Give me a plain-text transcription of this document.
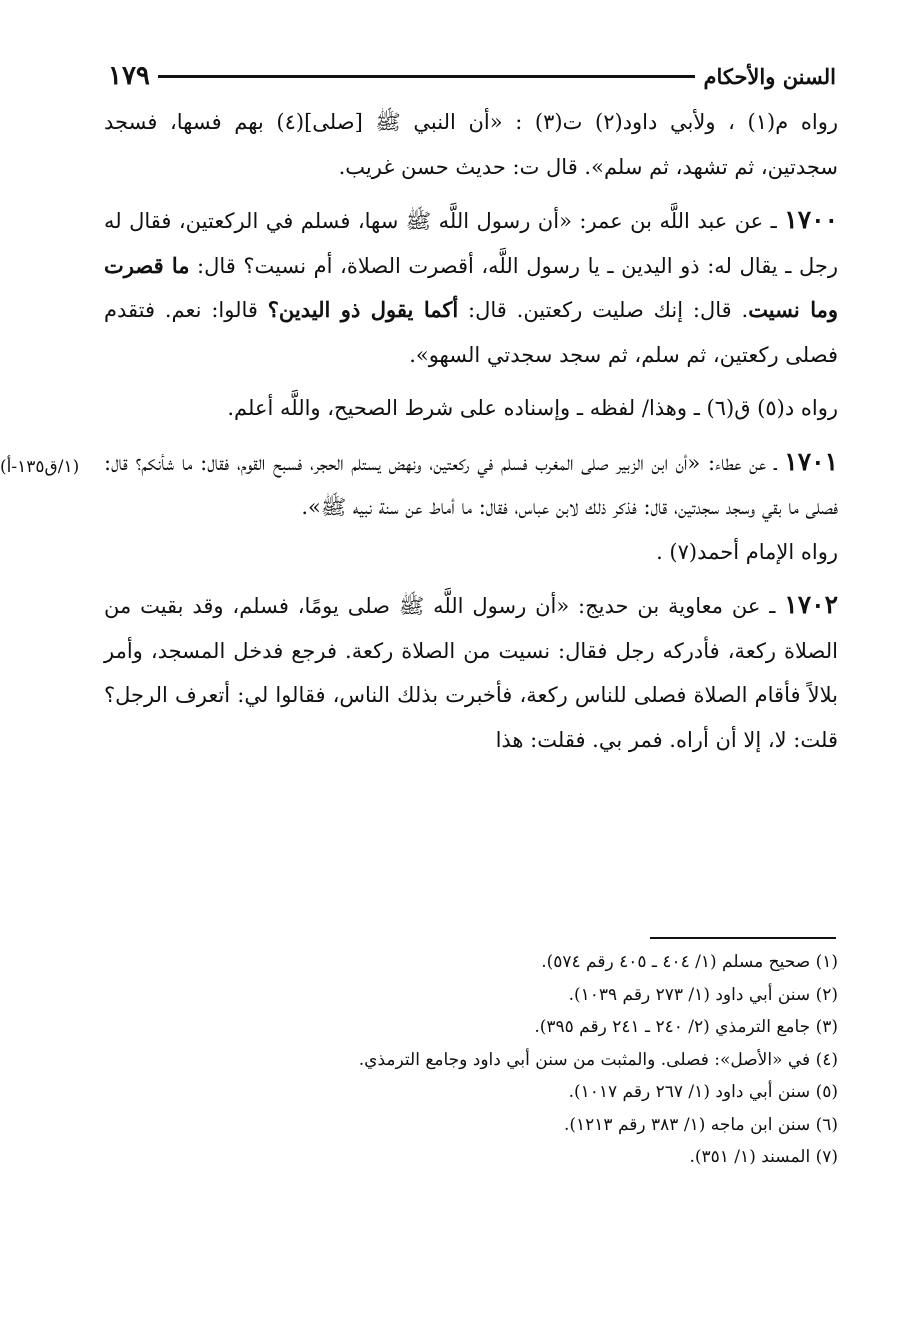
السنن والأحكام
١٧٩

رواه م(١) ، ولأبي داود(٢) ت(٣) : «أن النبي ﷺ [صلى](٤) بهم فسها، فسجد سجدتين، ثم تشهد، ثم سلم». قال ت: حديث حسن غريب.

١٧٠٠ ـ عن عبد اللَّه بن عمر: «أن رسول اللَّه ﷺ سها، فسلم في الركعتين، فقال له رجل ـ يقال له: ذو اليدين ـ يا رسول اللَّه، أقصرت الصلاة، أم نسيت؟ قال: ما قصرت وما نسيت. قال: إنك صليت ركعتين. قال: أكما يقول ذو اليدين؟ قالوا: نعم. فتقدم فصلى ركعتين، ثم سلم، ثم سجد سجدتي السهو».

رواه د(٥) ق(٦) ـ وهذا/ لفظه ـ وإسناده على شرط الصحيح، واللَّه أعلم.

١٧٠١ ـ عن عطاء: «أن ابن الزبير صلى المغرب فسلم في ركعتين، ونهض يستلم الحجر، فسبح القوم، فقال: ما شأنكم؟ قال: فصلى ما بقي وسجد سجدتين، قال: فذكر ذلك لابن عباس، فقال: ما أماط عن سنة نبيه ﷺ».

رواه الإمام أحمد(٧) .

١٧٠٢ ـ عن معاوية بن حديج: «أن رسول اللَّه ﷺ صلى يومًا، فسلم، وقد بقيت من الصلاة ركعة، فأدركه رجل فقال: نسيت من الصلاة ركعة. فرجع فدخل المسجد، وأمر بلالاً فأقام الصلاة فصلى للناس ركعة، فأخبرت بذلك الناس، فقالوا لي: أتعرف الرجل؟ قلت: لا، إلا أن أراه. فمر بي. فقلت: هذا

(١/ق١٣٥-أ)
(١) صحيح مسلم (١/ ٤٠٤ ـ ٤٠٥ رقم ٥٧٤).
(٢) سنن أبي داود (١/ ٢٧٣ رقم ١٠٣٩).
(٣) جامع الترمذي (٢/ ٢٤٠ ـ ٢٤١ رقم ٣٩٥).
(٤) في «الأصل»: فصلى. والمثبت من سنن أبي داود وجامع الترمذي.
(٥) سنن أبي داود (١/ ٢٦٧ رقم ١٠١٧).
(٦) سنن ابن ماجه (١/ ٣٨٣ رقم ١٢١٣).
(٧) المسند (١/ ٣٥١).
